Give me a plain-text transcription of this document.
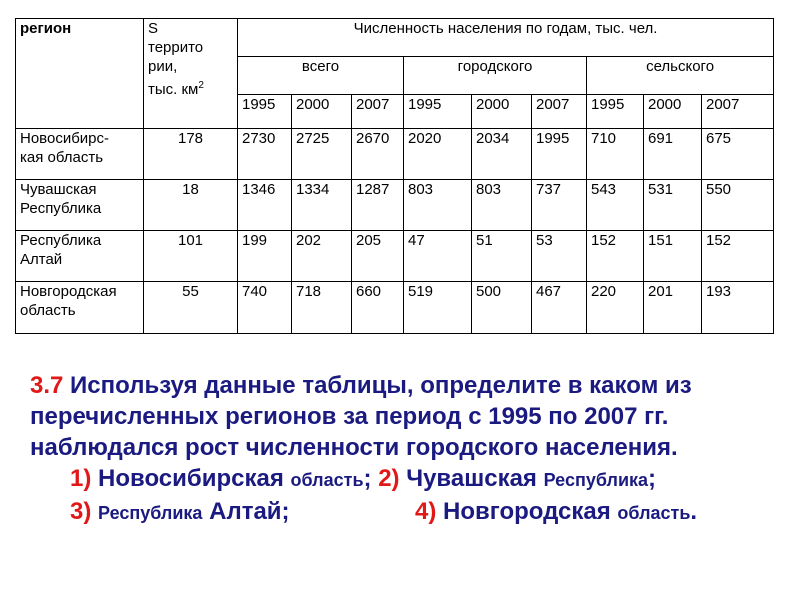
регион	S
террито
рии,
тыс. $км^2$	Численность населения по годам, тыс. чел.								
		всего			городского			сельского		
		1995	2000	2007	1995	2000	2007	1995	2000	2007
Новосибирс-
кая область	178	2730	2725	2670	2020	2034	1995	710	691	675
Чувашская
Республика	18	1346	1334	1287	803	803	737	543	531	550
Республика
Алтай	101	199	202	205	47	51	53	152	151	152
Новгородская
область	55	740	718	660	519	500	467	220	201	193
3.7 Используя данные таблицы, определите в каком из перечисленных регионов за период с 1995 по 2007 гг. наблюдался рост численности городского населения.
1) Новосибирская область; 2) Чувашская Республика;
3) Республика Алтай;	4) Новгородская область.
